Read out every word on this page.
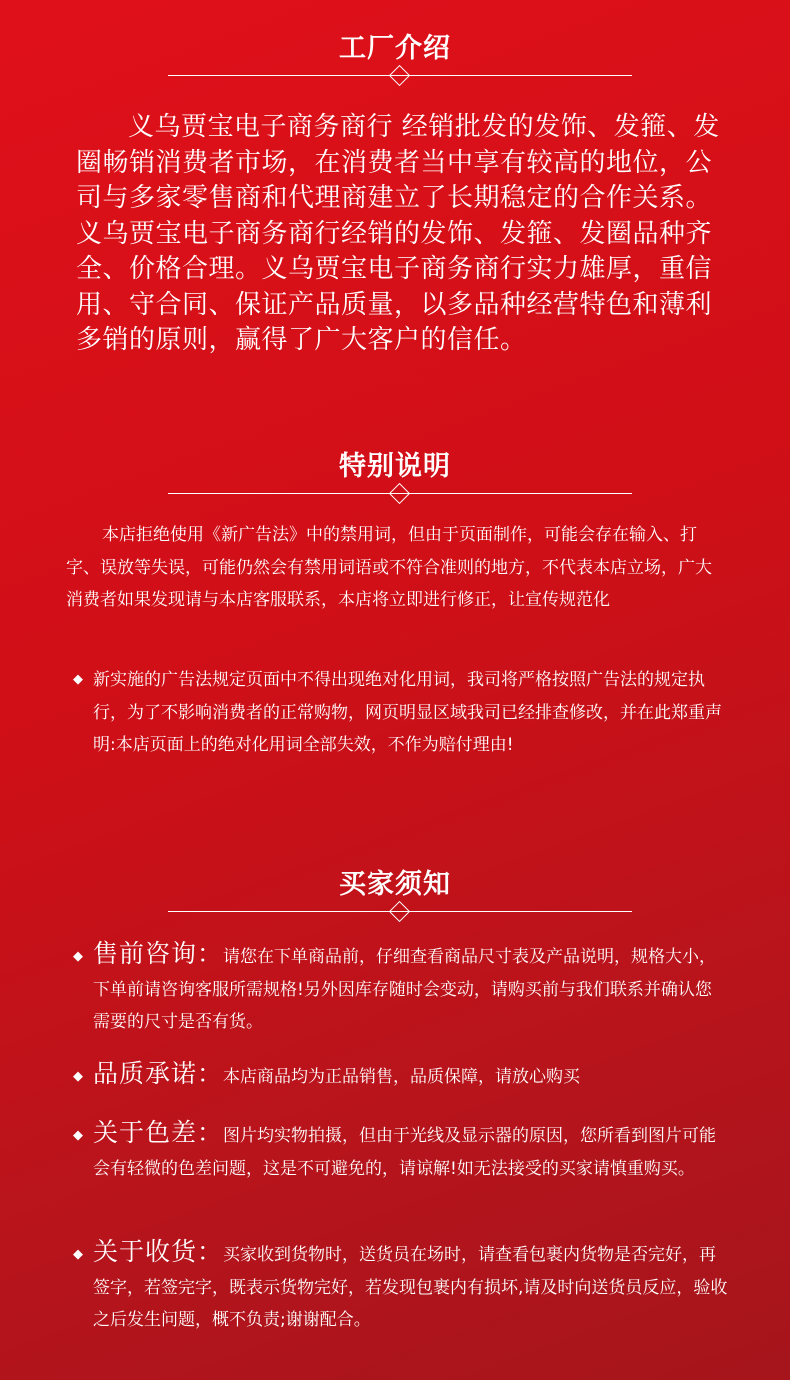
工厂介绍
义乌贾宝电子商务商行 经销批发的发饰、发箍、发圈畅销消费者市场，在消费者当中享有较高的地位，公司与多家零售商和代理商建立了长期稳定的合作关系。义乌贾宝电子商务商行经销的发饰、发箍、发圈品种齐全、价格合理。义乌贾宝电子商务商行实力雄厚，重信用、守合同、保证产品质量，以多品种经营特色和薄利多销的原则，赢得了广大客户的信任。
特别说明
本店拒绝使用《新广告法》中的禁用词，但由于页面制作，可能会存在输入、打字、误放等失误，可能仍然会有禁用词语或不符合准则的地方，不代表本店立场，广大消费者如果发现请与本店客服联系，本店将立即进行修正，让宣传规范化
◆ 新实施的广告法规定页面中不得出现绝对化用词，我司将严格按照广告法的规定执行，为了不影响消费者的正常购物，网页明显区域我司已经排查修改，并在此郑重声明:本店页面上的绝对化用词全部失效，不作为赔付理由!
买家须知
◆ 售前咨询：请您在下单商品前，仔细查看商品尺寸表及产品说明，规格大小，下单前请咨询客服所需规格!另外因库存随时会变动，请购买前与我们联系并确认您需要的尺寸是否有货。
◆ 品质承诺：本店商品均为正品销售，品质保障，请放心购买
◆ 关于色差：图片均实物拍摄，但由于光线及显示器的原因，您所看到图片可能会有轻微的色差问题，这是不可避免的，请谅解!如无法接受的买家请慎重购买。
◆ 关于收货：买家收到货物时，送货员在场时，请查看包裹内货物是否完好，再签字，若签完字，既表示货物完好，若发现包裹内有损坏,请及时向送货员反应，验收之后发生问题，概不负责;谢谢配合。
